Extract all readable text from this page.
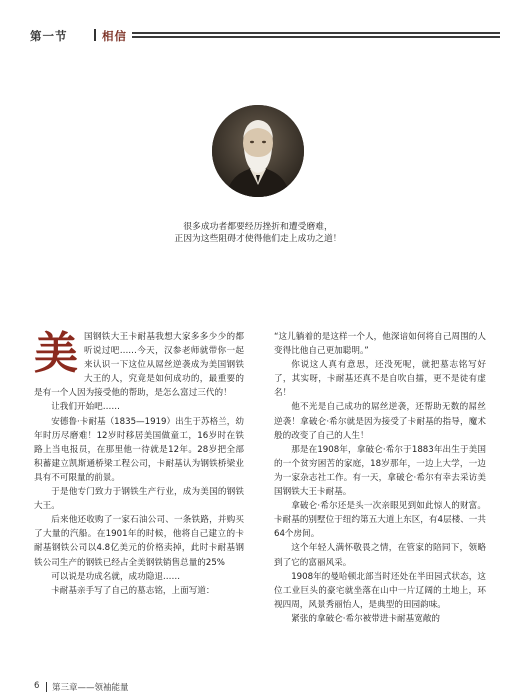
第一节	相信
很多成功者都要经历挫折和遭受磨难，
正因为这些阻碍才使得他们走上成功之道！

美国钢铁大王卡耐基我想大家多多少少的都听说过吧……今天，汉参老师就带你一起来认识一下这位从屌丝逆袭成为美国钢铁大王的人，究竟是如何成功的，最重要的是有一个人因为接受他的帮助，是怎么富过三代的！

让我们开始吧……

安德鲁·卡耐基（1835—1919）出生于苏格兰，幼年时历尽磨难！12岁时移居美国做童工，16岁时在铁路上当电报员，在那里他一待就是12年。28岁把全部积蓄建立凯斯通桥梁工程公司，卡耐基认为钢铁桥梁业具有不可限量的前景。

于是他专门致力于钢铁生产行业，成为美国的钢铁大王。

后来他还收购了一家石油公司、一条铁路，并购买了大量的汽船。在1901年的时候，他将自己建立的卡耐基钢铁公司以4.8亿美元的价格卖掉，此时卡耐基钢铁公司生产的钢铁已经占全美钢铁销售总量的25%

可以说是功成名就，成功隐退……

卡耐基亲手写了自己的墓志铭，上面写道：

“这儿躺着的是这样一个人，他深谙如何将自己周围的人变得比他自己更加聪明。”

你说这人真有意思，还没死呢，就把墓志铭写好了，其实呀，卡耐基还真不是自吹自擂，更不是徒有虚名！

他不光是自己成功的屌丝逆袭，还帮助无数的屌丝逆袭！拿破仑·希尔就是因为接受了卡耐基的指导，魔术般的改变了自己的人生！

那是在1908年，拿破仑·希尔于1883年出生于美国的一个贫穷困苦的家庭，18岁那年，一边上大学，一边为一家杂志社工作。有一天，拿破仑·希尔有幸去采访美国钢铁大王卡耐基。

拿破仑·希尔还是头一次亲眼见到如此惊人的财富。卡耐基的别墅位于纽约第五大道上东区，有4层楼、一共64个房间。

这个年轻人满怀敬畏之情，在管家的陪同下，领略到了它的富丽风采。

1908年的曼哈顿北部当时还处在半田园式状态，这位工业巨头的豪宅就坐落在山中一片辽阔的土地上，环视四周，风景秀丽怡人，是典型的田园韵味。

紧张的拿破仑·希尔被带进卡耐基宽敞的

6 第三章——领袖能量
